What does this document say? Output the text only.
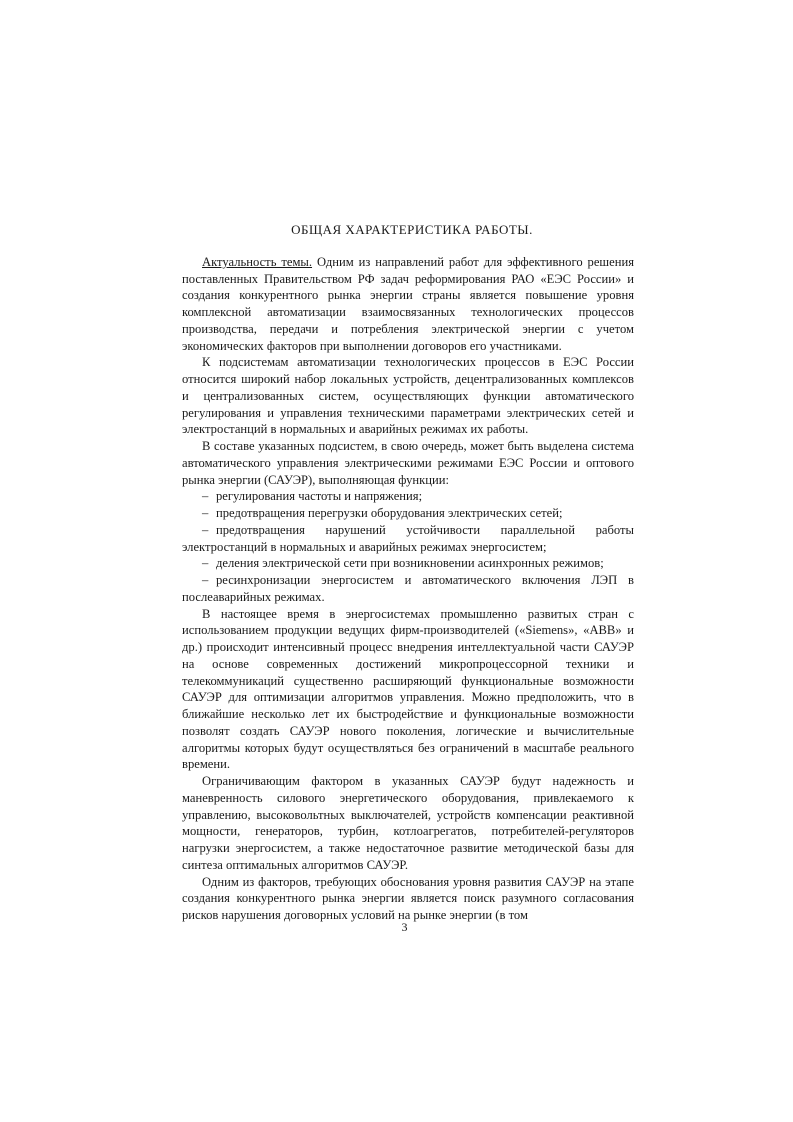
ОБЩАЯ ХАРАКТЕРИСТИКА РАБОТЫ.

Актуальность темы. Одним из направлений работ для эффективного решения поставленных Правительством РФ задач реформирования РАО «ЕЭС России» и создания конкурентного рынка энергии страны является повышение уровня комплексной автоматизации взаимосвязанных технологических процессов производства, передачи и потребления электрической энергии с учетом экономических факторов при выполнении договоров его участниками.

К подсистемам автоматизации технологических процессов в ЕЭС России относится широкий набор локальных устройств, децентрализованных комплексов и централизованных систем, осуществляющих функции автоматического регулирования и управления техническими параметрами электрических сетей и электростанций в нормальных и аварийных режимах их работы.

В составе указанных подсистем, в свою очередь, может быть выделена система автоматического управления электрическими режимами ЕЭС России и оптового рынка энергии (САУЭР), выполняющая функции:

– регулирования частоты и напряжения;
– предотвращения перегрузки оборудования электрических сетей;
– предотвращения нарушений устойчивости параллельной работы электростанций в нормальных и аварийных режимах энергосистем;
– деления электрической сети при возникновении асинхронных режимов;
– ресинхронизации энергосистем и автоматического включения ЛЭП в послеаварийных режимах.

В настоящее время в энергосистемах промышленно развитых стран с использованием продукции ведущих фирм-производителей («Siemens», «ABB» и др.) происходит интенсивный процесс внедрения интеллектуальной части САУЭР на основе современных достижений микропроцессорной техники и телекоммуникаций существенно расширяющий функциональные возможности САУЭР для оптимизации алгоритмов управления. Можно предположить, что в ближайшие несколько лет их быстродействие и функциональные возможности позволят создать САУЭР нового поколения, логические и вычислительные алгоритмы которых будут осуществляться без ограничений в масштабе реального времени.

Ограничивающим фактором в указанных САУЭР будут надежность и маневренность силового энергетического оборудования, привлекаемого к управлению, высоковольтных выключателей, устройств компенсации реактивной мощности, генераторов, турбин, котлоагрегатов, потребителей-регуляторов нагрузки энергосистем, а также недостаточное развитие методической базы для синтеза оптимальных алгоритмов САУЭР.

Одним из факторов, требующих обоснования уровня развития САУЭР на этапе создания конкурентного рынка энергии является поиск разумного согласования рисков нарушения договорных условий на рынке энергии (в том

3
